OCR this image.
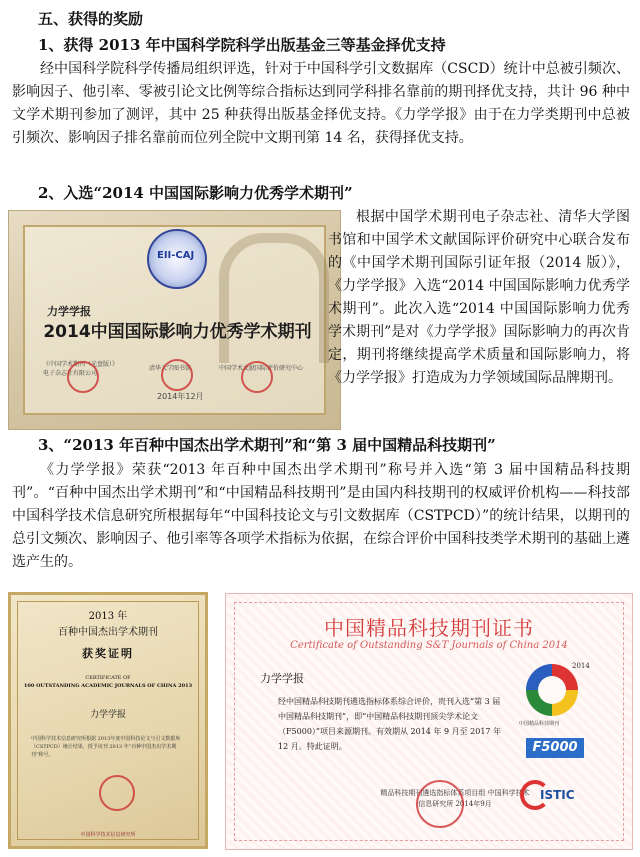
五、获得的奖励
1、获得 2013 年中国科学院科学出版基金三等基金择优支持
经中国科学院科学传播局组织评选，针对于中国科学引文数据库（CSCD）统计中总被引频次、影响因子、他引率、零被引论文比例等综合指标达到同学科排名靠前的期刊择优支持，共计 96 种中文学术期刊参加了测评，其中 25 种获得出版基金择优支持。《力学学报》由于在力学类期刊中总被引频次、影响因子排名靠前而位列全院中文期刊第 14 名，获得择优支持。
2、入选“2014 中国国际影响力优秀学术期刊”
EII-CAJ
力学学报
2014中国国际影响力优秀学术期刊
《中国学术期刊（光盘版）》电子杂志社有限公司
清华大学图书馆	中国学术文献国际评价研究中心
2014年12月
根据中国学术期刊电子杂志社、清华大学图书馆和中国学术文献国际评价研究中心联合发布的《中国学术期刊国际引证年报（2014 版）》，《力学学报》入选“2014 中国国际影响力优秀学术期刊”。此次入选“2014 中国国际影响力优秀学术期刊”是对《力学学报》国际影响力的再次肯定，期刊将继续提高学术质量和国际影响力，将《力学学报》打造成为力学领域国际品牌期刊。
3、“2013 年百种中国杰出学术期刊”和“第 3 届中国精品科技期刊”
《力学学报》荣获“2013 年百种中国杰出学术期刊”称号并入选“第 3 届中国精品科技期刊”。“百种中国杰出学术期刊”和“中国精品科技期刊”是由国内科技期刊的权威评价机构——科技部中国科学技术信息研究所根据每年“中国科技论文与引文数据库（CSTPCD）”的统计结果，以期刊的总引文频次、影响因子、他引率等各项学术指标为依据，在综合评价中国科技类学术期刊的基础上遴选产生的。
2013 年
百种中国杰出学术期刊
获奖证明
CERTIFICATE OF
100 OUTSTANDING ACADEMIC JOURNALS OF CHINA 2013
力学学报
中国科学技术信息研究所根据 2013年度中国科技论文与引文数据库（CSTPCD）统计结果，授予该刊 2013 年“百种中国杰出学术期刊”称号。
中国科学技术信息研究所
中国精品科技期刊证书
Certificate of Outstanding S&T Journals of China 2014
力学学报
经中国精品科技期刊遴选指标体系综合评价，贵刊入选“第 3 届中国精品科技期刊”，即“中国精品科技期刊顶尖学术论文（F5000）”项目来源期刊。有效期从 2014 年 9 月至 2017 年 12 月。特此证明。
精品科技期刊遴选指标体系项目组 中国科学技术信息研究所 2014年9月
2014
中国精品科技期刊
F5000
ISTIC
